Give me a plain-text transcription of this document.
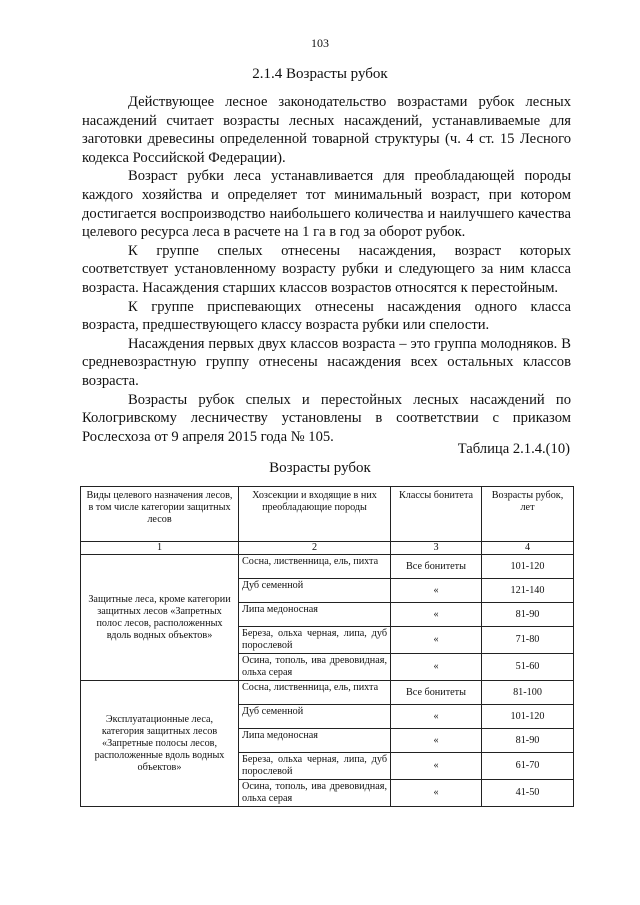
103
2.1.4 Возрасты рубок

Действующее лесное законодательство возрастами рубок лесных насаждений считает возрасты лесных насаждений, устанавливаемые для заготовки древесины определенной товарной структуры (ч. 4 ст. 15 Лесного кодекса Российской Федерации).

Возраст рубки леса устанавливается для преобладающей породы каждого хозяйства и определяет тот минимальный возраст, при котором достигается воспроизводство наибольшего количества и наилучшего качества целевого ресурса леса в расчете на 1 га в год за оборот рубок.

К группе спелых отнесены насаждения, возраст которых соответствует установленному возрасту рубки и следующего за ним класса возраста. Насаждения старших классов возрастов относятся к перестойным.

К группе приспевающих отнесены насаждения одного класса возраста, предшествующего классу возраста рубки или спелости.

Насаждения первых двух классов возраста – это группа молодняков. В средневозрастную группу отнесены насаждения всех остальных классов возраста.

Возрасты рубок спелых и перестойных лесных насаждений по Кологривскому лесничеству установлены в соответствии с приказом Рослесхоза от 9 апреля 2015 года № 105.

Таблица 2.1.4.(10)
Возрасты рубок
Виды целевого назначения лесов, в том числе категории защитных лесов	Хозсекции и входящие в них преобладающие породы	Классы бонитета	Возрасты рубок, лет
1	2	3	4
Защитные леса, кроме категории защитных лесов «Запретных полос лесов, расположенных вдоль водных объектов»	Сосна, лиственница, ель, пихта	Все бонитеты	101-120
	Дуб семенной	«	121-140
	Липа медоносная	«	81-90
	Береза, ольха черная, липа, дуб порослевой	«	71-80
	Осина, тополь, ива древовидная, ольха серая	«	51-60
Эксплуатационные леса, категория защитных лесов «Запретные полосы лесов, расположенные вдоль водных объектов»	Сосна, лиственница, ель, пихта	Все бонитеты	81-100
	Дуб семенной	«	101-120
	Липа медоносная	«	81-90
	Береза, ольха черная, липа, дуб порослевой	«	61-70
	Осина, тополь, ива древовидная, ольха серая	«	41-50
